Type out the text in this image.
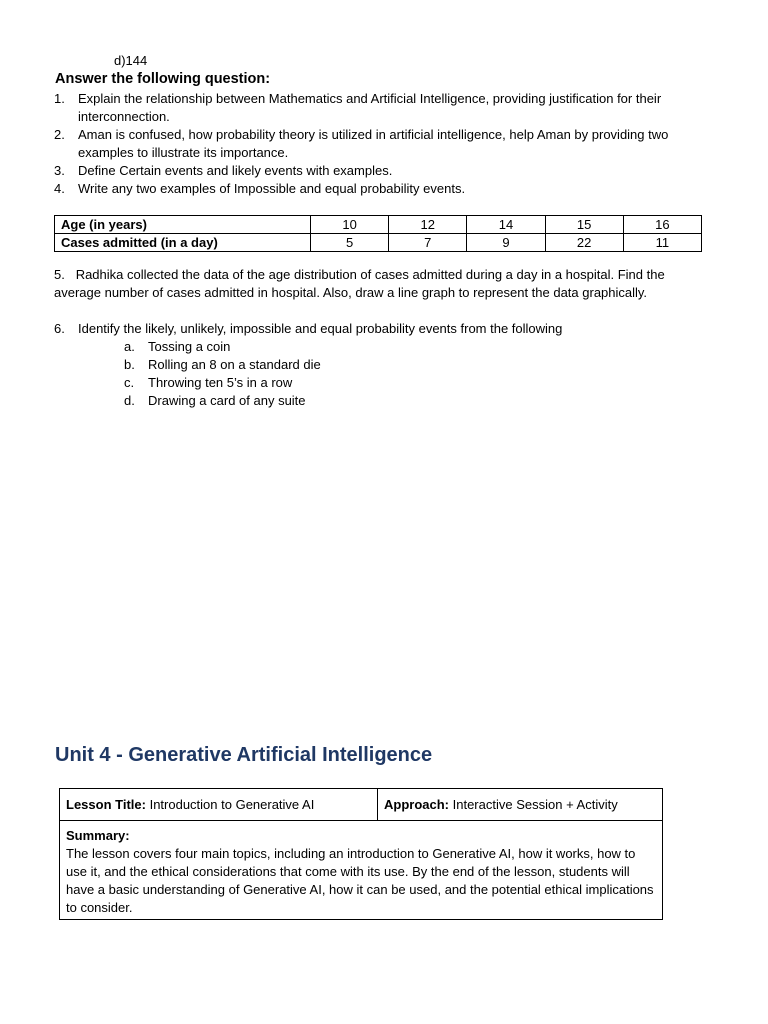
d)144
Answer the following question:
1. Explain the relationship between Mathematics and Artificial Intelligence, providing justification for their interconnection.
2. Aman is confused, how probability theory is utilized in artificial intelligence, help Aman by providing two examples to illustrate its importance.
3. Define Certain events and likely events with examples.
4. Write any two examples of Impossible and equal probability events.
Age (in years)	10	12	14	15	16
Cases admitted (in a day)	5	7	9	22	11
5. Radhika collected the data of the age distribution of cases admitted during a day in a hospital. Find the average number of cases admitted in hospital. Also, draw a line graph to represent the data graphically.
6. Identify the likely, unlikely, impossible and equal probability events from the following
a. Tossing a coin
b. Rolling an 8 on a standard die
c. Throwing ten 5’s in a row
d. Drawing a card of any suite
Unit 4 - Generative Artificial Intelligence
Lesson Title: Introduction to Generative AI	Approach: Interactive Session + Activity
Summary:
The lesson covers four main topics, including an introduction to Generative AI, how it works, how to use it, and the ethical considerations that come with its use. By the end of the lesson, students will have a basic understanding of Generative AI, how it can be used, and the potential ethical implications to consider.
